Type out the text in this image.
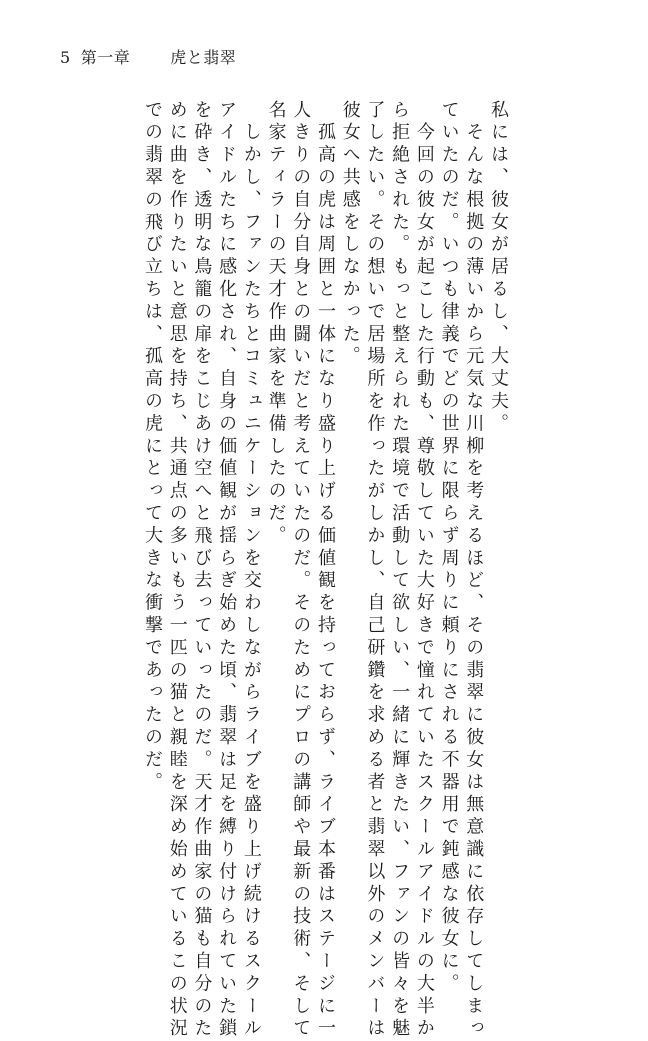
5 第一章	虎と翡翠
私には、彼女が居るし、大丈夫。
　そんな根拠の薄いから元気な川柳を考えるほど、その翡翠に彼女は無意識に依存してしまっ
ていたのだ。いつも律義でどの世界に限らず周りに頼りにされる不器用で鈍感な彼女に。
　今回の彼女が起こした行動も、尊敬していた大好きで憧れていたスクールアイドルの大半か
ら拒絶された。もっと整えられた環境で活動して欲しい、一緒に輝きたい、ファンの皆々を魅
了したい。その想いで居場所を作ったがしかし、自己研鑽を求める者と翡翠以外のメンバーは
彼女へ共感をしなかった。
　孤高の虎は周囲と一体になり盛り上げる価値観を持っておらず、ライブ本番はステージに一
人きりの自分自身との闘いだと考えていたのだ。そのためにプロの講師や最新の技術、そして
名家ティラーの天才作曲家を準備したのだ。
　しかし、ファンたちとコミュニケーションを交わしながらライブを盛り上げ続けるスクール
アイドルたちに感化され、自身の価値観が揺らぎ始めた頃、翡翠は足を縛り付けられていた鎖
を砕き、透明な鳥籠の扉をこじあけ空へと飛び去っていったのだ。天才作曲家の猫も自分のた
めに曲を作りたいと意思を持ち、共通点の多いもう一匹の猫と親睦を深め始めているこの状況
での翡翠の飛び立ちは、孤高の虎にとって大きな衝撃であったのだ。
